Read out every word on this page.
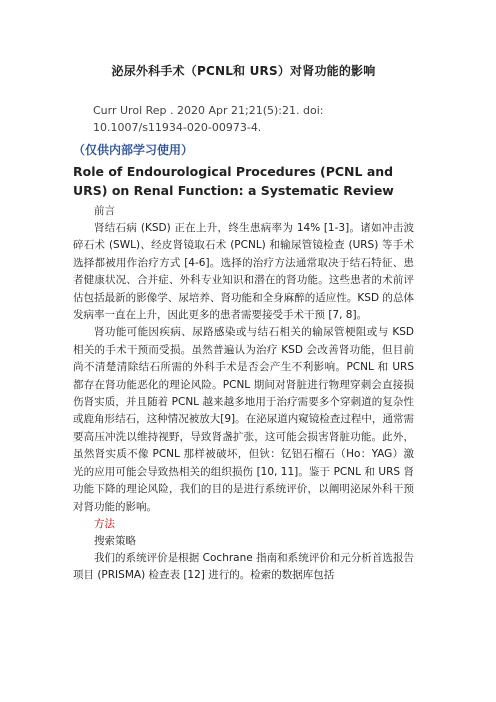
泌尿外科手术（PCNL和 URS）对肾功能的影响
Curr Urol Rep . 2020 Apr 21;21(5):21. doi: 10.1007/s11934-020-00973-4.
（仅供内部学习使用）
Role of Endourological Procedures (PCNL and URS) on Renal Function: a Systematic Review
前言

肾结石病 (KSD) 正在上升，终生患病率为 14% [1-3]。诸如冲击波碎石术 (SWL)、经皮肾镜取石术 (PCNL) 和输尿管镜检查 (URS) 等手术选择都被用作治疗方式 [4-6]。选择的治疗方法通常取决于结石特征、患者健康状况、合并症、外科专业知识和潜在的肾功能。这些患者的术前评估包括最新的影像学、尿培养、肾功能和全身麻醉的适应性。KSD 的总体发病率一直在上升，因此更多的患者需要接受手术干预 [7, 8]。

肾功能可能因疾病、尿路感染或与结石相关的输尿管梗阻或与 KSD 相关的手术干预而受损。虽然普遍认为治疗 KSD 会改善肾功能，但目前尚不清楚清除结石所需的外科手术是否会产生不利影响。PCNL 和 URS 都存在肾功能恶化的理论风险。PCNL 期间对肾脏进行物理穿刺会直接损伤肾实质，并且随着 PCNL 越来越多地用于治疗需要多个穿刺道的复杂性或鹿角形结石，这种情况被放大[9]。在泌尿道内窥镜检查过程中，通常需要高压冲洗以维持视野，导致肾盏扩张，这可能会损害肾脏功能。此外，虽然肾实质不像 PCNL 那样被破坏，但钬：钇铝石榴石（Ho：YAG）激光的应用可能会导致热相关的组织损伤 [10, 11]。鉴于 PCNL 和 URS 肾功能下降的理论风险，我们的目的是进行系统评价，以阐明泌尿外科干预对肾功能的影响。

方法
搜索策略

我们的系统评价是根据 Cochrane 指南和系统评价和元分析首选报告项目 (PRISMA) 检查表 [12] 进行的。检索的数据库包括
